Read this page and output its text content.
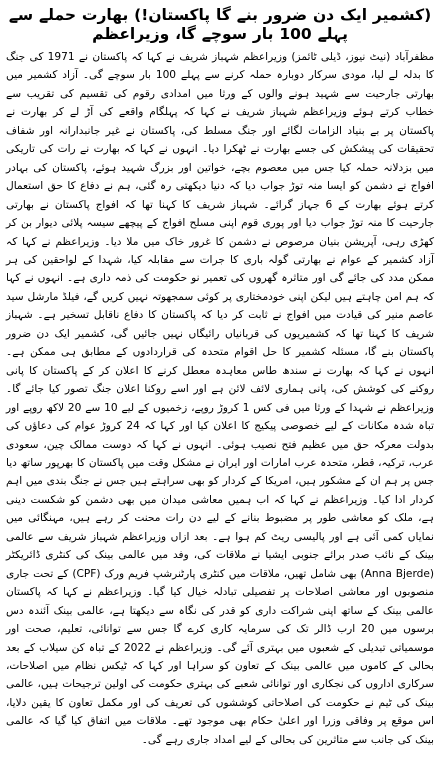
(کشمیر ایک دن ضرور بنے گا پاکستان!) بھارت حملے سے پہلے 100 بار سوچے گا، وزیراعظم

مظفرآباد (نیٹ نیوز، ڈیلی ٹائمز) وزیراعظم شہباز شریف نے کہا کہ پاکستان نے 1971 کی جنگ کا بدلہ لے لیا، مودی سرکار دوبارہ حملہ کرنے سے پہلے 100 بار سوچے گی۔ آزاد کشمیر میں بھارتی جارحیت سے شہید ہونے والوں کے ورثا میں امدادی رقوم کی تقسیم کی تقریب سے خطاب کرتے ہوئے وزیراعظم شہباز شریف نے کہا کہ پہلگام واقعے کی آڑ لے کر بھارت نے پاکستان پر بے بنیاد الزامات لگائے اور جنگ مسلط کی، پاکستان نے غیر جانبدارانہ اور شفاف تحقیقات کی پیشکش کی جسے بھارت نے ٹھکرا دیا۔ انہوں نے کہا کہ بھارت نے رات کی تاریکی میں بزدلانہ حملہ کیا جس میں معصوم بچے، خواتین اور بزرگ شہید ہوئے، پاکستان کی بہادر افواج نے دشمن کو ایسا منہ توڑ جواب دیا کہ دنیا دیکھتی رہ گئی، ہم نے دفاع کا حق استعمال کرتے ہوئے بھارت کے 6 جہاز گرائے۔ شہباز شریف کا کہنا تھا کہ افواج پاکستان نے بھارتی جارحیت کا منہ توڑ جواب دیا اور پوری قوم اپنی مسلح افواج کے پیچھے سیسہ پلائی دیوار بن کر کھڑی رہی، آپریشن بنیان مرصوص نے دشمن کا غرور خاک میں ملا دیا۔ وزیراعظم نے کہا کہ آزاد کشمیر کے عوام نے بھارتی گولہ باری کا جرات سے مقابلہ کیا، شہدا کے لواحقین کی ہر ممکن مدد کی جائے گی اور متاثرہ گھروں کی تعمیر نو حکومت کی ذمہ داری ہے۔ انہوں نے کہا کہ ہم امن چاہتے ہیں لیکن اپنی خودمختاری پر کوئی سمجھوتہ نہیں کریں گے، فیلڈ مارشل سید عاصم منیر کی قیادت میں افواج نے ثابت کر دیا کہ پاکستان کا دفاع ناقابل تسخیر ہے۔ شہباز شریف کا کہنا تھا کہ کشمیریوں کی قربانیاں رائیگاں نہیں جائیں گی، کشمیر ایک دن ضرور پاکستان بنے گا، مسئلہ کشمیر کا حل اقوام متحدہ کی قراردادوں کے مطابق ہی ممکن ہے۔ انہوں نے کہا کہ بھارت نے سندھ طاس معاہدہ معطل کرنے کا اعلان کر کے پاکستان کا پانی روکنے کی کوشش کی، پانی ہماری لائف لائن ہے اور اسے روکنا اعلان جنگ تصور کیا جائے گا۔ وزیراعظم نے شہدا کے ورثا میں فی کس 1 کروڑ روپے، زخمیوں کے لیے 10 سے 20 لاکھ روپے اور تباہ شدہ مکانات کے لیے خصوصی پیکیج کا اعلان کیا اور کہا کہ 24 کروڑ عوام کی دعاؤں کی بدولت معرکہ حق میں عظیم فتح نصیب ہوئی۔ انہوں نے کہا کہ دوست ممالک چین، سعودی عرب، ترکیہ، قطر، متحدہ عرب امارات اور ایران نے مشکل وقت میں پاکستان کا بھرپور ساتھ دیا جس پر ہم ان کے مشکور ہیں، امریکا کے کردار کو بھی سراہتے ہیں جس نے جنگ بندی میں اہم کردار ادا کیا۔ وزیراعظم نے کہا کہ اب ہمیں معاشی میدان میں بھی دشمن کو شکست دینی ہے، ملک کو معاشی طور پر مضبوط بنانے کے لیے دن رات محنت کر رہے ہیں، مہنگائی میں نمایاں کمی آئی ہے اور پالیسی ریٹ کم ہوا ہے۔ بعد ازاں وزیراعظم شہباز شریف سے عالمی بینک کے نائب صدر برائے جنوبی ایشیا نے ملاقات کی، وفد میں عالمی بینک کی کنٹری ڈائریکٹر (Anna Bjerde) بھی شامل تھیں، ملاقات میں کنٹری پارٹنرشپ فریم ورک (CPF) کے تحت جاری منصوبوں اور معاشی اصلاحات پر تفصیلی تبادلہ خیال کیا گیا۔ وزیراعظم نے کہا کہ پاکستان عالمی بینک کے ساتھ اپنی شراکت داری کو قدر کی نگاہ سے دیکھتا ہے، عالمی بینک آئندہ دس برسوں میں 20 ارب ڈالر تک کی سرمایہ کاری کرے گا جس سے توانائی، تعلیم، صحت اور موسمیاتی تبدیلی کے شعبوں میں بہتری آئے گی۔ وزیراعظم نے 2022 کے تباہ کن سیلاب کے بعد بحالی کے کاموں میں عالمی بینک کے تعاون کو سراہا اور کہا کہ ٹیکس نظام میں اصلاحات، سرکاری اداروں کی نجکاری اور توانائی شعبے کی بہتری حکومت کی اولین ترجیحات ہیں، عالمی بینک کی ٹیم نے حکومت کی اصلاحاتی کوششوں کی تعریف کی اور مکمل تعاون کا یقین دلایا، اس موقع پر وفاقی وزرا اور اعلیٰ حکام بھی موجود تھے۔ ملاقات میں اتفاق کیا گیا کہ عالمی بینک کی جانب سے متاثرین کی بحالی کے لیے امداد جاری رہے گی۔
